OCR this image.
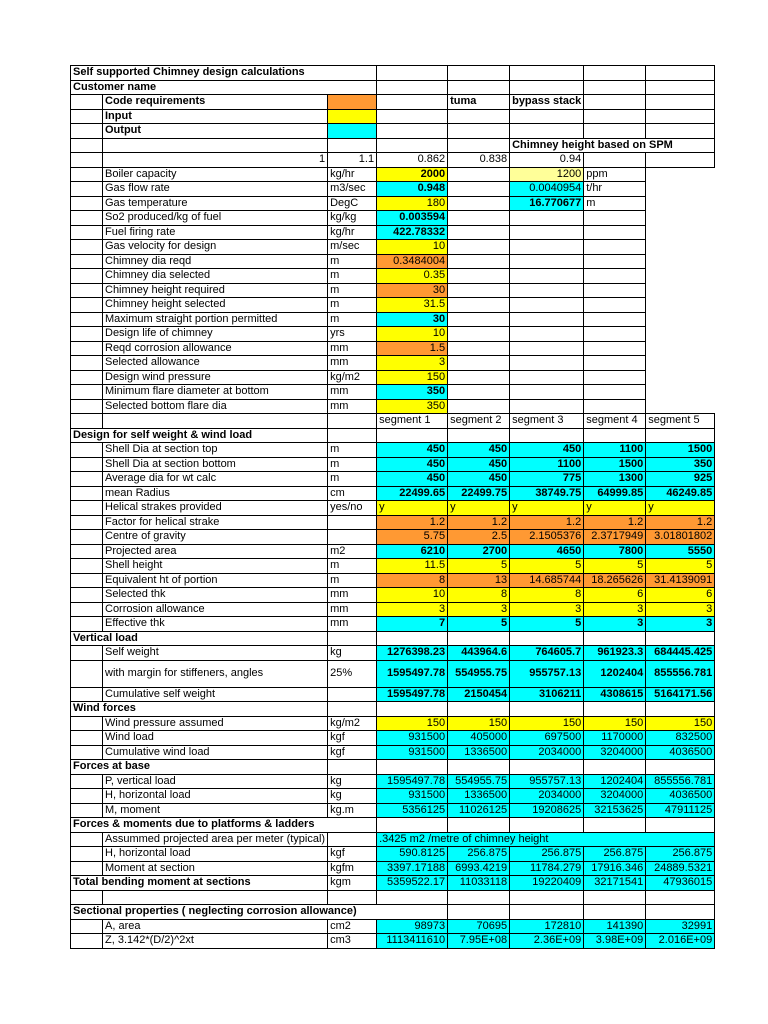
Self supported Chimney design calculations							
Customer name							
	Code requirements			tuma	bypass stack		
	Input						
	Output						
					Chimney height based on SPM		
	1	1.1	0.862	0.838	0.94		
	Boiler capacity	kg/hr	2000		1200	ppm	
	Gas flow rate	m3/sec	0.948		0.0040954	t/hr	
	Gas temperature	DegC	180		16.770677	m	
	So2 produced/kg of fuel	kg/kg	0.003594				
	Fuel firing rate	kg/hr	422.78332				
	Gas velocity for design	m/sec	10				
	Chimney dia reqd	m	0.3484004				
	Chimney dia selected	m	0.35				
	Chimney height required	m	30				
	Chimney height selected	m	31.5				
	Maximum straight portion permitted	m	30				
	Design life of chimney	yrs	10				
	Reqd corrosion allowance	mm	1.5				
	Selected allowance	mm	3				
	Design wind pressure	kg/m2	150				
	Minimum flare diameter at bottom	mm	350				
	Selected bottom flare dia	mm	350				
			segment 1	segment 2	segment 3	segment 4	segment 5
Design for self weight & wind load							
	Shell Dia at section top	m	450	450	450	1100	1500
	Shell Dia at section bottom	m	450	450	1100	1500	350
	Average dia for wt calc	m	450	450	775	1300	925
	mean Radius	cm	22499.65	22499.75	38749.75	64999.85	46249.85
	Helical strakes provided	yes/no	y	y	y	y	y
	Factor for helical strake		1.2	1.2	1.2	1.2	1.2
	Centre of gravity		5.75	2.5	2.1505376	2.3717949	3.01801802
	Projected area	m2	6210	2700	4650	7800	5550
	Shell height	m	11.5	5	5	5	5
	Equivalent ht of portion	m	8	13	14.685744	18.265626	31.4139091
	Selected thk	mm	10	8	8	6	6
	Corrosion allowance	mm	3	3	3	3	3
	Effective thk	mm	7	5	5	3	3
Vertical load							
	Self weight	kg	1276398.23	443964.6	764605.7	961923.3	684445.425
	with margin for stiffeners, angles	25%	1595497.78	554955.75	955757.13	1202404	855556.781
	Cumulative self weight		1595497.78	2150454	3106211	4308615	5164171.56
Wind forces							
	Wind pressure assumed	kg/m2	150	150	150	150	150
	Wind load	kgf	931500	405000	697500	1170000	832500
	Cumulative wind load	kgf	931500	1336500	2034000	3204000	4036500
Forces at base							
	P, vertical load	kg	1595497.78	554955.75	955757.13	1202404	855556.781
	H, horizontal load	kg	931500	1336500	2034000	3204000	4036500
	M, moment	kg.m	5356125	11026125	19208625	32153625	47911125
Forces & moments due to platforms & ladders							
	Assummed projected area per meter (typical)		.3425 m2 /metre of chimney height				
	H, horizontal load	kgf	590.8125	256.875	256.875	256.875	256.875
	Moment at section	kgfm	3397.17188	6993.4219	11784.279	17916.346	24889.5321
Total bending moment at sections		kgm	5359522.17	11033118	19220409	32171541	47936015

Sectional properties ( neglecting corrosion allowance)							
	A, area	cm2	98973	70695	172810	141390	32991
	Z, 3.142*(D/2)^2xt	cm3	1113411610	7.95E+08	2.36E+09	3.98E+09	2.016E+09
